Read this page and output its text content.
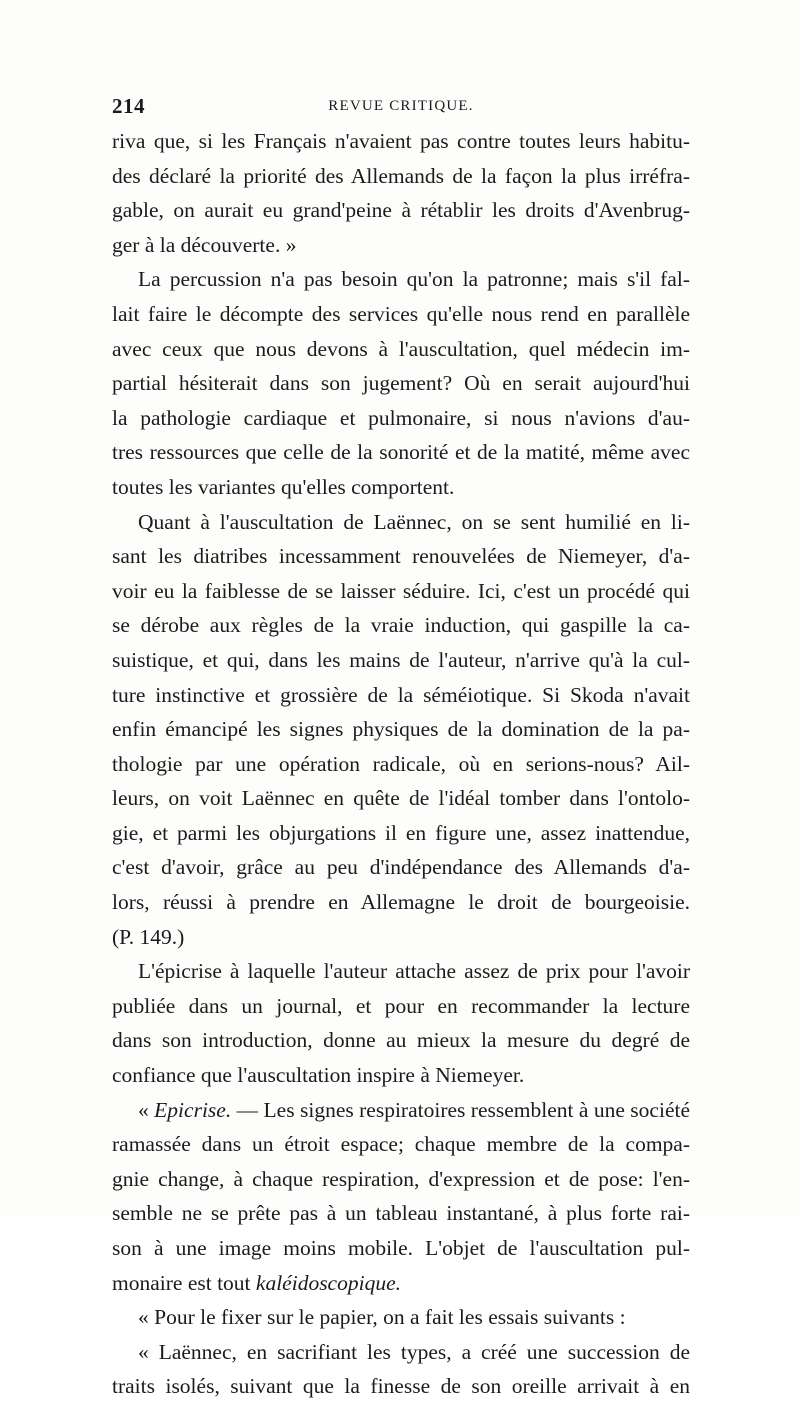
214	REVUE CRITIQUE.
riva que, si les Français n'avaient pas contre toutes leurs habitu-
des déclaré la priorité des Allemands de la façon la plus irréfra-
gable, on aurait eu grand'peine à rétablir les droits d'Avenbrug-
ger à la découverte. »
La percussion n'a pas besoin qu'on la patronne; mais s'il fal-
lait faire le décompte des services qu'elle nous rend en parallèle
avec ceux que nous devons à l'auscultation, quel médecin im-
partial hésiterait dans son jugement? Où en serait aujourd'hui
la pathologie cardiaque et pulmonaire, si nous n'avions d'au-
tres ressources que celle de la sonorité et de la matité, même avec
toutes les variantes qu'elles comportent.
Quant à l'auscultation de Laënnec, on se sent humilié en li-
sant les diatribes incessamment renouvelées de Niemeyer, d'a-
voir eu la faiblesse de se laisser séduire. Ici, c'est un procédé qui
se dérobe aux règles de la vraie induction, qui gaspille la ca-
suistique, et qui, dans les mains de l'auteur, n'arrive qu'à la cul-
ture instinctive et grossière de la séméiotique. Si Skoda n'avait
enfin émancipé les signes physiques de la domination de la pa-
thologie par une opération radicale, où en serions-nous? Ail-
leurs, on voit Laënnec en quête de l'idéal tomber dans l'ontolo-
gie, et parmi les objurgations il en figure une, assez inattendue,
c'est d'avoir, grâce au peu d'indépendance des Allemands d'a-
lors, réussi à prendre en Allemagne le droit de bourgeoisie.
(P. 149.)
L'épicrise à laquelle l'auteur attache assez de prix pour l'avoir
publiée dans un journal, et pour en recommander la lecture
dans son introduction, donne au mieux la mesure du degré de
confiance que l'auscultation inspire à Niemeyer.
« Epicrise. — Les signes respiratoires ressemblent à une société
ramassée dans un étroit espace; chaque membre de la compa-
gnie change, à chaque respiration, d'expression et de pose: l'en-
semble ne se prête pas à un tableau instantané, à plus forte rai-
son à une image moins mobile. L'objet de l'auscultation pul-
monaire est tout kaléidoscopique.
« Pour le fixer sur le papier, on a fait les essais suivants :
« Laënnec, en sacrifiant les types, a créé une succession de
traits isolés, suivant que la finesse de son oreille arrivait à en
